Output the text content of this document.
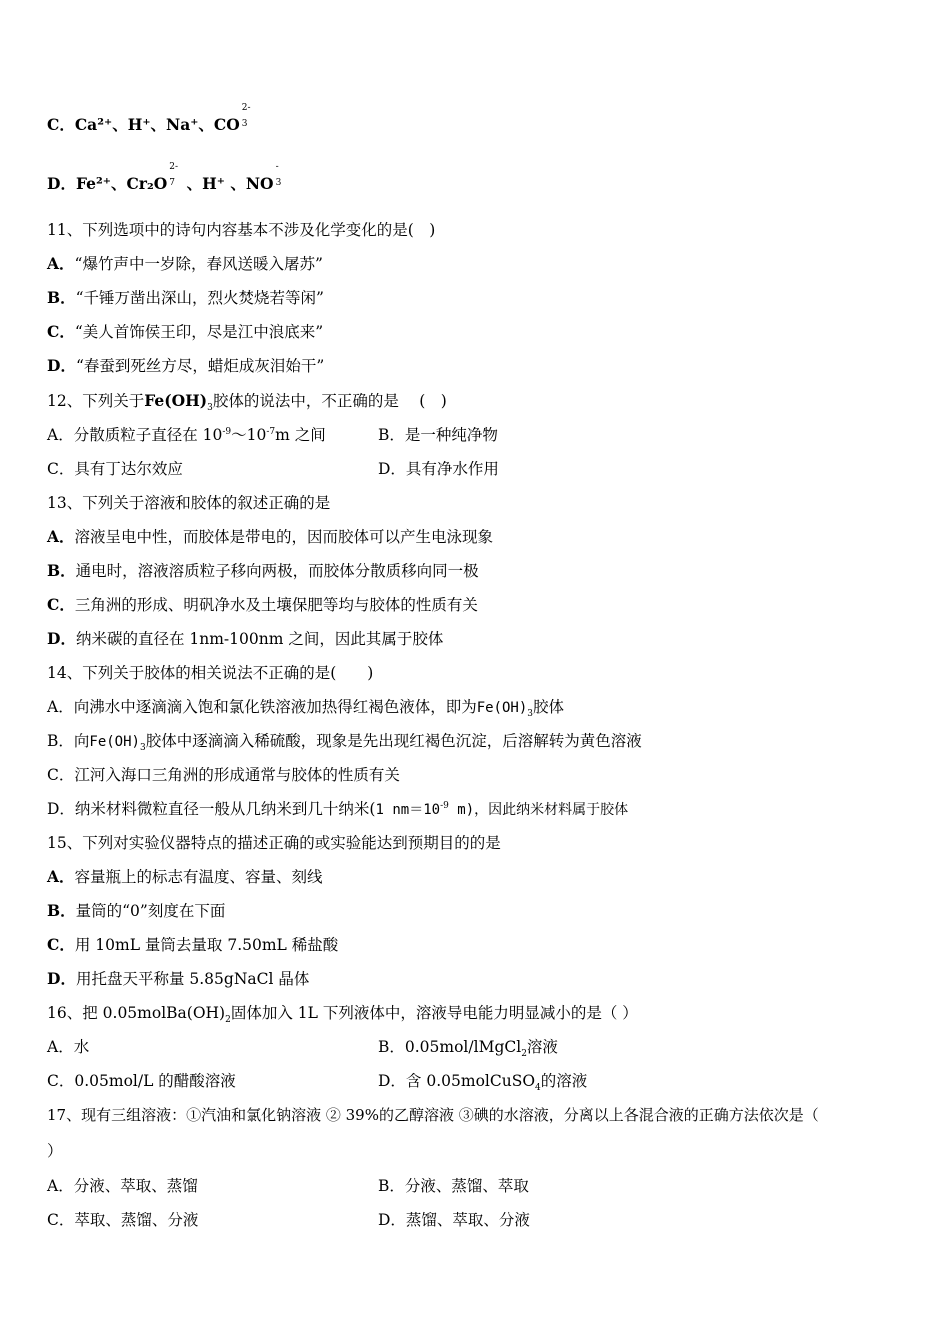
C．Ca²⁺、H⁺、Na⁺、CO
2-
3
D．Fe²⁺、Cr₂O
2-
7 、H⁺ 、NO
-
3
11、下列选项中的诗句内容基本不涉及化学变化的是(　)
A．“爆竹声中一岁除，春风送暖入屠苏”
B．“千锤万凿出深山，烈火焚烧若等闲”
C．“美人首饰侯王印，尽是江中浪底来”
D．“春蚕到死丝方尽，蜡炬成灰泪始干”
12、下列关于$Fe(OH)_3$胶体的说法中，不正确的是　 (　)
A．分散质粒子直径在 $10^{-9}\sim 10^{-7}m$ 之间	B．是一种纯净物
C．具有丁达尔效应	D．具有净水作用
13、下列关于溶液和胶体的叙述正确的是
A．溶液呈电中性，而胶体是带电的，因而胶体可以产生电泳现象
B．通电时，溶液溶质粒子移向两极，而胶体分散质移向同一极
C．三角洲的形成、明矾净水及土壤保肥等均与胶体的性质有关
D．纳米碳的直径在 1nm-100nm 之间，因此其属于胶体
14、下列关于胶体的相关说法不正确的是(　　)
A．向沸水中逐滴滴入饱和氯化铁溶液加热得红褐色液体，即为$Fe(OH)_3$胶体
B．向$Fe(OH)_3$胶体中逐滴滴入稀硫酸，现象是先出现红褐色沉淀，后溶解转为黄色溶液
C．江河入海口三角洲的形成通常与胶体的性质有关
D．纳米材料微粒直径一般从几纳米到几十纳米(1 $nm=10^{-9}$ m)，因此纳米材料属于胶体
15、下列对实验仪器特点的描述正确的或实验能达到预期目的的是
A．容量瓶上的标志有温度、容量、刻线
B．量筒的“0”刻度在下面
C．用 10mL 量筒去量取 7.50mL 稀盐酸
D．用托盘天平称量 5.85gNaCl 晶体
16、把 $0.05molBa(OH)_2$固体加入 1L 下列液体中，溶液导电能力明显减小的是（ ）
A．水	B．0.05mol/lMgCl$_2$溶液
C．0.05mol/L 的醋酸溶液	D．含 0.05molCuSO$_4$的溶液
17、现有三组溶液：①汽油和氯化钠溶液 ② 39%的乙醇溶液 ③碘的水溶液，分离以上各混合液的正确方法依次是（
）
A．分液、萃取、蒸馏	B．分液、蒸馏、萃取
C．萃取、蒸馏、分液	D．蒸馏、萃取、分液
